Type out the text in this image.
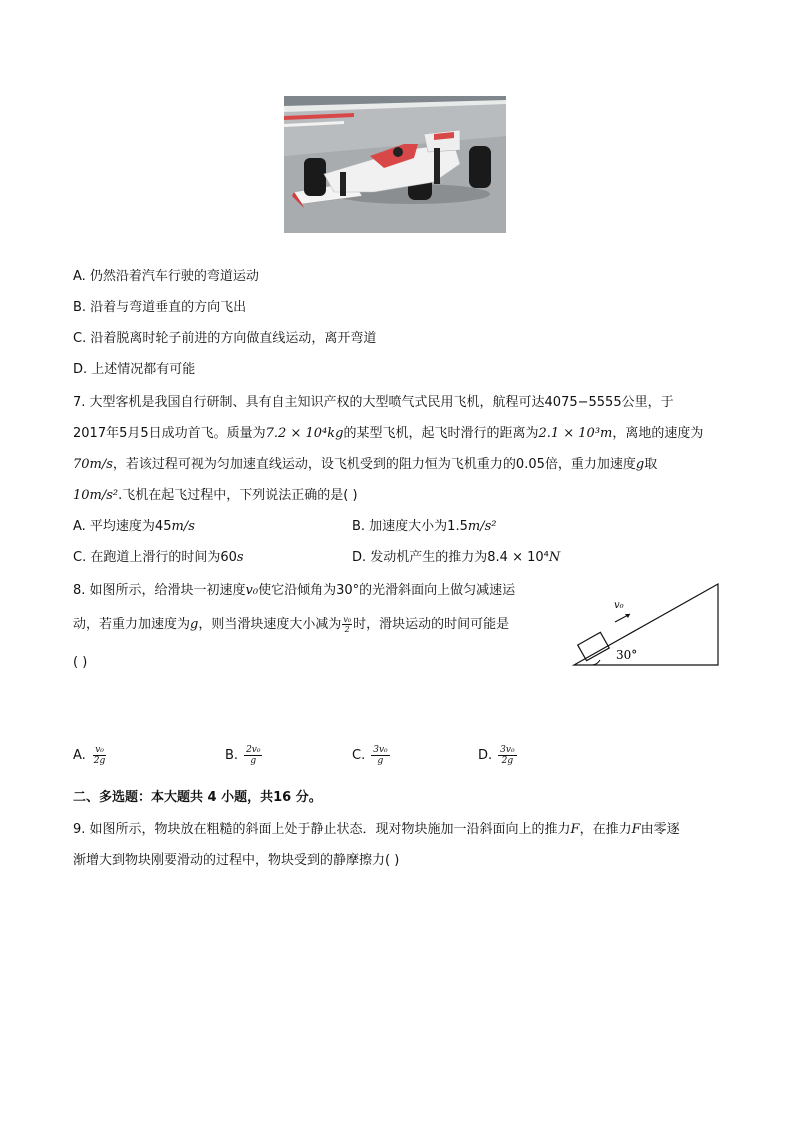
A. 仍然沿着汽车行驶的弯道运动
B. 沿着与弯道垂直的方向飞出
C. 沿着脱离时轮子前进的方向做直线运动，离开弯道
D. 上述情况都有可能
7. 大型客机是我国自行研制、具有自主知识产权的大型喷气式民用飞机，航程可达4075−5555公里，于
2017年5月5日成功首飞。质量为7.2 × 10⁴kg的某型飞机，起飞时滑行的距离为2.1 × 10³m，离地的速度为
70m/s，若该过程可视为匀加速直线运动，设飞机受到的阻力恒为飞机重力的0.05倍，重力加速度g取
10m/s².飞机在起飞过程中，下列说法正确的是( )
A. 平均速度为45m/s	B. 加速度大小为1.5m/s²
C. 在跑道上滑行的时间为60s	D. 发动机产生的推力为8.4 × 10⁴N
8. 如图所示，给滑块一初速度v₀使它沿倾角为30°的光滑斜面向上做匀减速运
动，若重力加速度为g，则当滑块速度大小减为 $\frac{\text{v₀}}{2}$ 时，滑块运动的时间可能是
( )
v₀
30°
A. $\frac{\text{v₀}}{2g}$	B. $\frac{\text{2v₀}}{g}$	C. $\frac{\text{3v₀}}{g}$	D. $\frac{\text{3v₀}}{2g}$
二、多选题：本大题共 4 小题，共16 分。
9. 如图所示，物块放在粗糙的斜面上处于静止状态．现对物块施加一沿斜面向上的推力F，在推力F由零逐
渐增大到物块刚要滑动的过程中，物块受到的静摩擦力( )
